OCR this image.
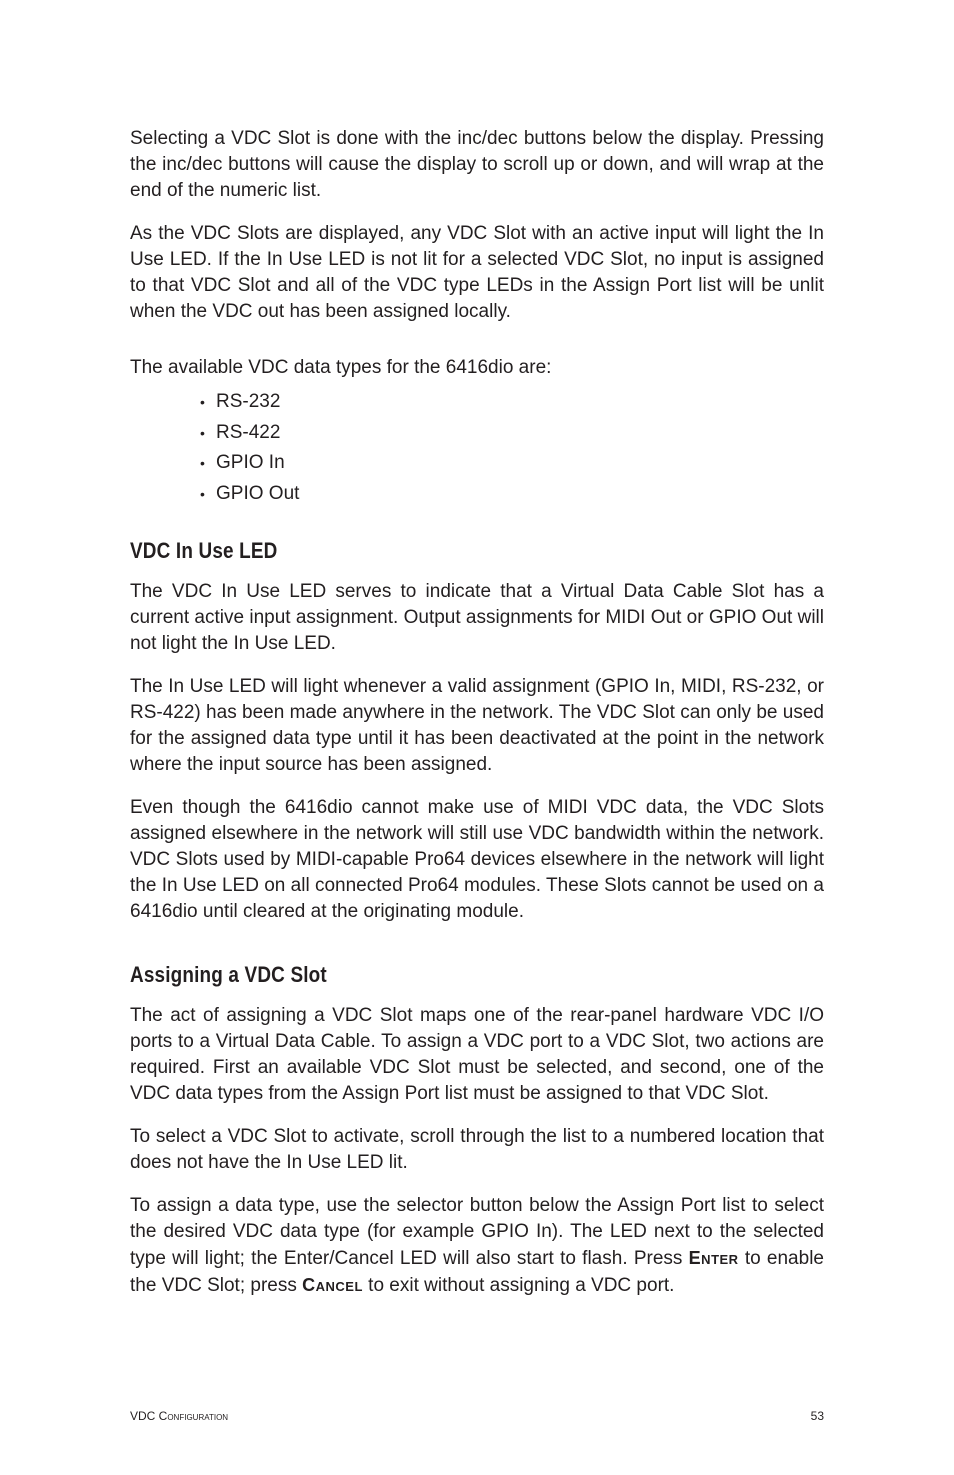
Selecting a VDC Slot is done with the inc/dec buttons below the display. Pressing the inc/dec buttons will cause the display to scroll up or down, and will wrap at the end of the numeric list.

As the VDC Slots are displayed, any VDC Slot with an active input will light the In Use LED. If the In Use LED is not lit for a selected VDC Slot, no input is assigned to that VDC Slot and all of the VDC type LEDs in the Assign Port list will be unlit when the VDC out has been assigned locally.

The available VDC data types for the 6416dio are:

• RS-232
• RS-422
• GPIO In
• GPIO Out
VDC In Use LED

The VDC In Use LED serves to indicate that a Virtual Data Cable Slot has a current active input assignment. Output assignments for MIDI Out or GPIO Out will not light the In Use LED.

The In Use LED will light whenever a valid assignment (GPIO In, MIDI, RS-232, or RS-422) has been made anywhere in the network. The VDC Slot can only be used for the assigned data type until it has been deactivated at the point in the network where the input source has been assigned.

Even though the 6416dio cannot make use of MIDI VDC data, the VDC Slots assigned elsewhere in the network will still use VDC bandwidth within the network. VDC Slots used by MIDI-capable Pro64 devices elsewhere in the network will light the In Use LED on all connected Pro64 modules. These Slots cannot be used on a 6416dio until cleared at the originating module.

Assigning a VDC Slot

The act of assigning a VDC Slot maps one of the rear-panel hardware VDC I/O ports to a Virtual Data Cable. To assign a VDC port to a VDC Slot, two actions are required. First an available VDC Slot must be selected, and second, one of the VDC data types from the Assign Port list must be assigned to that VDC Slot.

To select a VDC Slot to activate, scroll through the list to a numbered location that does not have the In Use LED lit.

To assign a data type, use the selector button below the Assign Port list to select the desired VDC data type (for example GPIO In). The LED next to the selected type will light; the Enter/Cancel LED will also start to flash. Press Enter to enable the VDC Slot; press Cancel to exit without assigning a VDC port.

VDC Configuration	53
